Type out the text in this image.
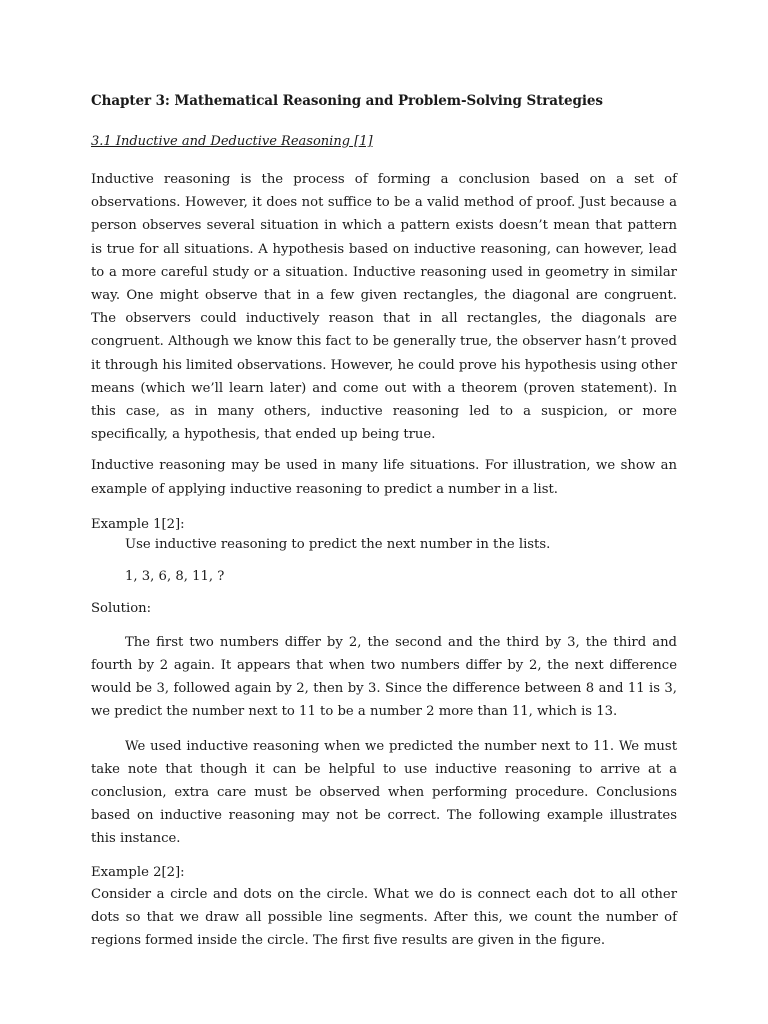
Chapter 3: Mathematical Reasoning and Problem-Solving Strategies
3.1 Inductive and Deductive Reasoning [1]

Inductive reasoning is the process of forming a conclusion based on a set of observations. However, it does not suffice to be a valid method of proof. Just because a person observes several situation in which a pattern exists doesn’t mean that pattern is true for all situations. A hypothesis based on inductive reasoning, can however, lead to a more careful study or a situation. Inductive reasoning used in geometry in similar way. One might observe that in a few given rectangles, the diagonal are congruent. The observers could inductively reason that in all rectangles, the diagonals are congruent. Although we know this fact to be generally true, the observer hasn’t proved it through his limited observations. However, he could prove his hypothesis using other means (which we’ll learn later) and come out with a theorem (proven statement). In this case, as in many others, inductive reasoning led to a suspicion, or more specifically, a hypothesis, that ended up being true.

Inductive reasoning may be used in many life situations. For illustration, we show an example of applying inductive reasoning to predict a number in a list.

Example 1[2]:

Use inductive reasoning to predict the next number in the lists.

1, 3, 6, 8, 11, ?

Solution:

The first two numbers differ by 2, the second and the third by 3, the third and fourth by 2 again. It appears that when two numbers differ by 2, the next difference would be 3, followed again by 2, then by 3. Since the difference between 8 and 11 is 3, we predict the number next to 11 to be a number 2 more than 11, which is 13.

We used inductive reasoning when we predicted the number next to 11. We must take note that though it can be helpful to use inductive reasoning to arrive at a conclusion, extra care must be observed when performing procedure. Conclusions based on inductive reasoning may not be correct. The following example illustrates this instance.

Example 2[2]:

Consider a circle and dots on the circle. What we do is connect each dot to all other dots so that we draw all possible line segments. After this, we count the number of regions formed inside the circle. The first five results are given in the figure.
